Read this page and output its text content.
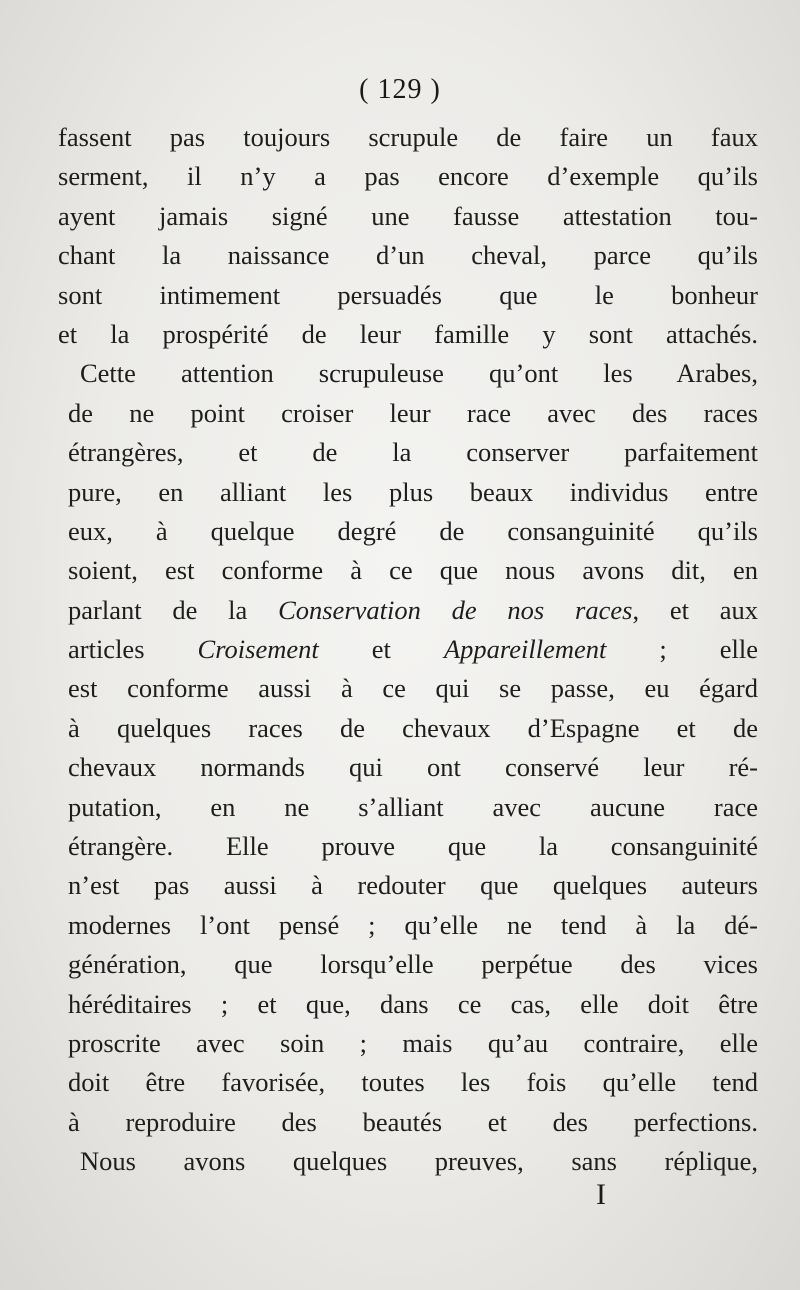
( 129 )
fassent pas toujours scrupule de faire un faux
serment, il n’y a pas encore d’exemple qu’ils
ayent jamais signé une fausse attestation tou-
chant la naissance d’un cheval, parce qu’ils
sont intimement persuadés que le bonheur
et la prospérité de leur famille y sont attachés.
Cette attention scrupuleuse qu’ont les Arabes,
de ne point croiser leur race avec des races
étrangères, et de la conserver parfaitement
pure, en alliant les plus beaux individus entre
eux, à quelque degré de consanguinité qu’ils
soient, est conforme à ce que nous avons dit, en
parlant de la Conservation de nos races, et aux
articles Croisement et Appareillement ; elle
est conforme aussi à ce qui se passe, eu égard
à quelques races de chevaux d’Espagne et de
chevaux normands qui ont conservé leur ré-
putation, en ne s’alliant avec aucune race
étrangère. Elle prouve que la consanguinité
n’est pas aussi à redouter que quelques auteurs
modernes l’ont pensé ; qu’elle ne tend à la dé-
génération, que lorsqu’elle perpétue des vices
héréditaires ; et que, dans ce cas, elle doit être
proscrite avec soin ; mais qu’au contraire, elle
doit être favorisée, toutes les fois qu’elle tend
à reproduire des beautés et des perfections.
Nous avons quelques preuves, sans réplique,
I
